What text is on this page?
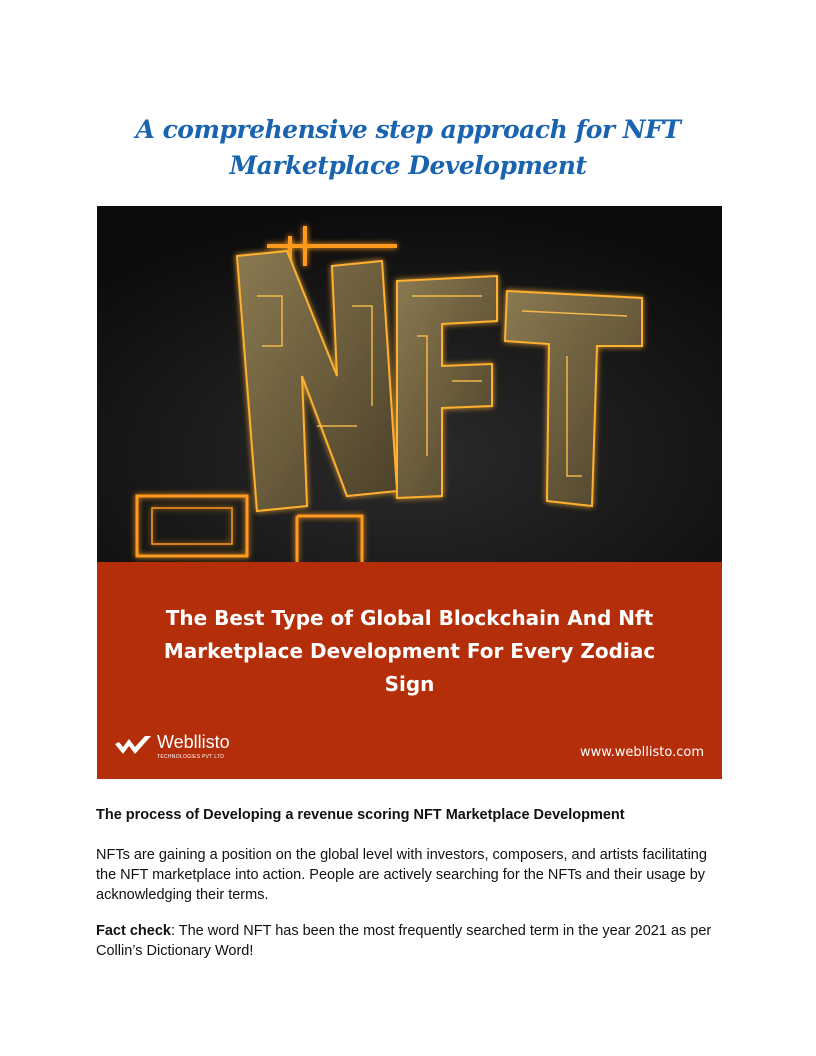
A comprehensive step approach for NFT Marketplace Development
The Best Type of Global Blockchain And Nft Marketplace Development For Every Zodiac Sign
Webllisto
TECHNOLOGIES PVT LTD	www.webllisto.com
The process of Developing a revenue scoring NFT Marketplace Development
NFTs are gaining a position on the global level with investors, composers, and artists facilitating the NFT marketplace into action. People are actively searching for the NFTs and their usage by acknowledging their terms.
Fact check: The word NFT has been the most frequently searched term in the year 2021 as per Collin’s Dictionary Word!
